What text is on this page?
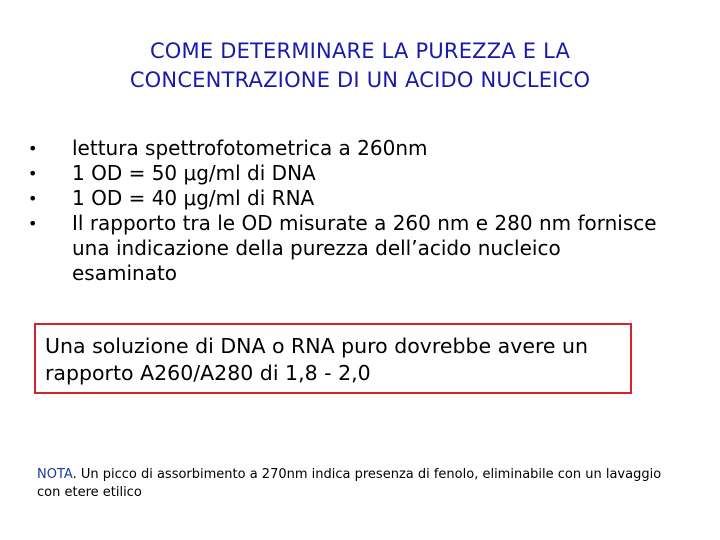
COME DETERMINARE LA PUREZZA E LA
CONCENTRAZIONE DI UN ACIDO NUCLEICO
• lettura spettrofotometrica a 260nm
• 1 OD = 50 μg/ml di DNA
• 1 OD = 40 μg/ml di RNA
• Il rapporto tra le OD misurate a 260 nm e 280 nm fornisce una indicazione della purezza dell’acido nucleico esaminato
Una soluzione di DNA o RNA puro dovrebbe avere un rapporto A260/A280 di 1,8 - 2,0
NOTA. Un picco di assorbimento a 270nm indica presenza di fenolo, eliminabile con un lavaggio con etere etilico
